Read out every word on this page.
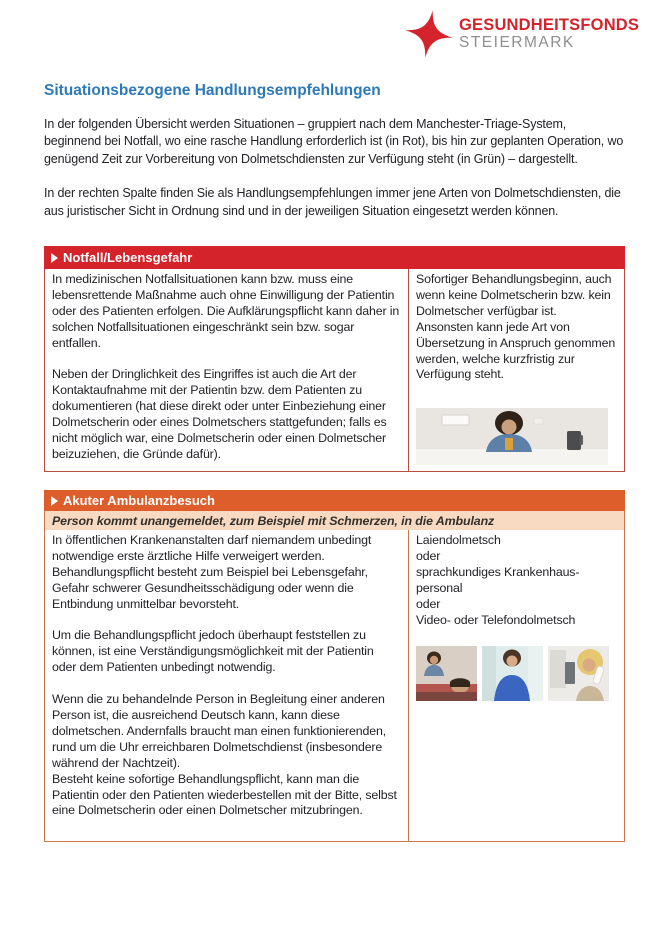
GESUNDHEITSFONDS
STEIERMARK
Situationsbezogene Handlungsempfehlungen

In der folgenden Übersicht werden Situationen – gruppiert nach dem Manchester-Triage-System, beginnend bei Notfall, wo eine rasche Handlung erforderlich ist (in Rot), bis hin zur geplanten Operation, wo genügend Zeit zur Vorbereitung von Dolmetschdiensten zur Verfügung steht (in Grün) – dargestellt.

In der rechten Spalte finden Sie als Handlungsempfehlungen immer jene Arten von Dolmetschdiensten, die aus juristischer Sicht in Ordnung sind und in der jeweiligen Situation eingesetzt werden können.

Notfall/Lebensgefahr

In medizinischen Notfallsituationen kann bzw. muss eine lebensrettende Maßnahme auch ohne Einwilligung der Patientin oder des Patienten erfolgen. Die Aufklärungspflicht kann daher in solchen Notfallsituationen eingeschränkt sein bzw. sogar entfallen.

Neben der Dringlichkeit des Eingriffes ist auch die Art der Kontaktaufnahme mit der Patientin bzw. dem Patienten zu dokumentieren (hat diese direkt oder unter Einbeziehung einer Dolmetscherin oder eines Dolmetschers stattgefunden; falls es nicht möglich war, eine Dolmetscherin oder einen Dolmetscher beizuziehen, die Gründe dafür).

Sofortiger Behandlungsbeginn, auch wenn keine Dolmetscherin bzw. kein Dolmetscher verfügbar ist.

Ansonsten kann jede Art von Übersetzung in Anspruch genommen werden, welche kurzfristig zur Verfügung steht.

Akuter Ambulanzbesuch
Person kommt unangemeldet, zum Beispiel mit Schmerzen, in die Ambulanz

In öffentlichen Krankenanstalten darf niemandem unbedingt notwendige erste ärztliche Hilfe verweigert werden. Behandlungspflicht besteht zum Beispiel bei Lebensgefahr, Gefahr schwerer Gesundheitsschädigung oder wenn die Entbindung unmittelbar bevorsteht.

Um die Behandlungspflicht jedoch überhaupt feststellen zu können, ist eine Verständigungsmöglichkeit mit der Patientin oder dem Patienten unbedingt notwendig.

Wenn die zu behandelnde Person in Begleitung einer anderen Person ist, die ausreichend Deutsch kann, kann diese dolmetschen. Andernfalls braucht man einen funktionierenden, rund um die Uhr erreichbaren Dolmetschdienst (insbesondere während der Nachtzeit).

Besteht keine sofortige Behandlungspflicht, kann man die Patientin oder den Patienten wiederbestellen mit der Bitte, selbst eine Dolmetscherin oder einen Dolmetscher mitzubringen.

Laiendolmetsch
oder
sprachkundiges Krankenhaus-personal
oder
Video- oder Telefondolmetsch
